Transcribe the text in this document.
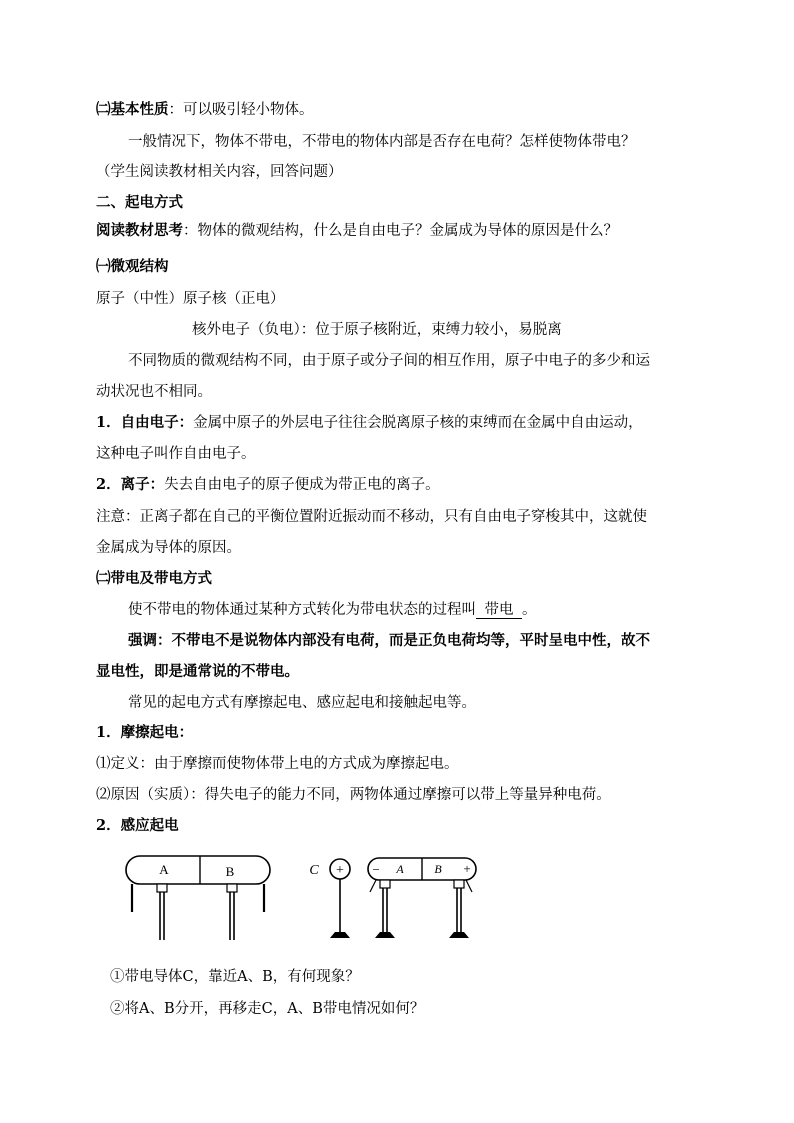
㈡基本性质：可以吸引轻小物体。
一般情况下，物体不带电，不带电的物体内部是否存在电荷？怎样使物体带电？
（学生阅读教材相关内容，回答问题）
二、起电方式
阅读教材思考：物体的微观结构，什么是自由电子？金属成为导体的原因是什么？
㈠微观结构
原子（中性）原子核（正电）
核外电子（负电）：位于原子核附近，束缚力较小，易脱离
不同物质的微观结构不同，由于原子或分子间的相互作用，原子中电子的多少和运
动状况也不相同。
1．自由电子：金属中原子的外层电子往往会脱离原子核的束缚而在金属中自由运动，
这种电子叫作自由电子。
2．离子：失去自由电子的原子便成为带正电的离子。
注意：正离子都在自己的平衡位置附近振动而不移动，只有自由电子穿梭其中，这就使
金属成为导体的原因。
㈡带电及带电方式
使不带电的物体通过某种方式转化为带电状态的过程叫 带电 。
强调：不带电不是说物体内部没有电荷，而是正负电荷均等，平时呈电中性，故不
显电性，即是通常说的不带电。
常见的起电方式有摩擦起电、感应起电和接触起电等。
1．摩擦起电：
⑴定义：由于摩擦而使物体带上电的方式成为摩擦起电。
⑵原因（实质）：得失电子的能力不同，两物体通过摩擦可以带上等量异种电荷。
2．感应起电
A	B	C + − A	B +
①带电导体C，靠近A、B，有何现象？
②将A、B分开，再移走C，A、B带电情况如何？
